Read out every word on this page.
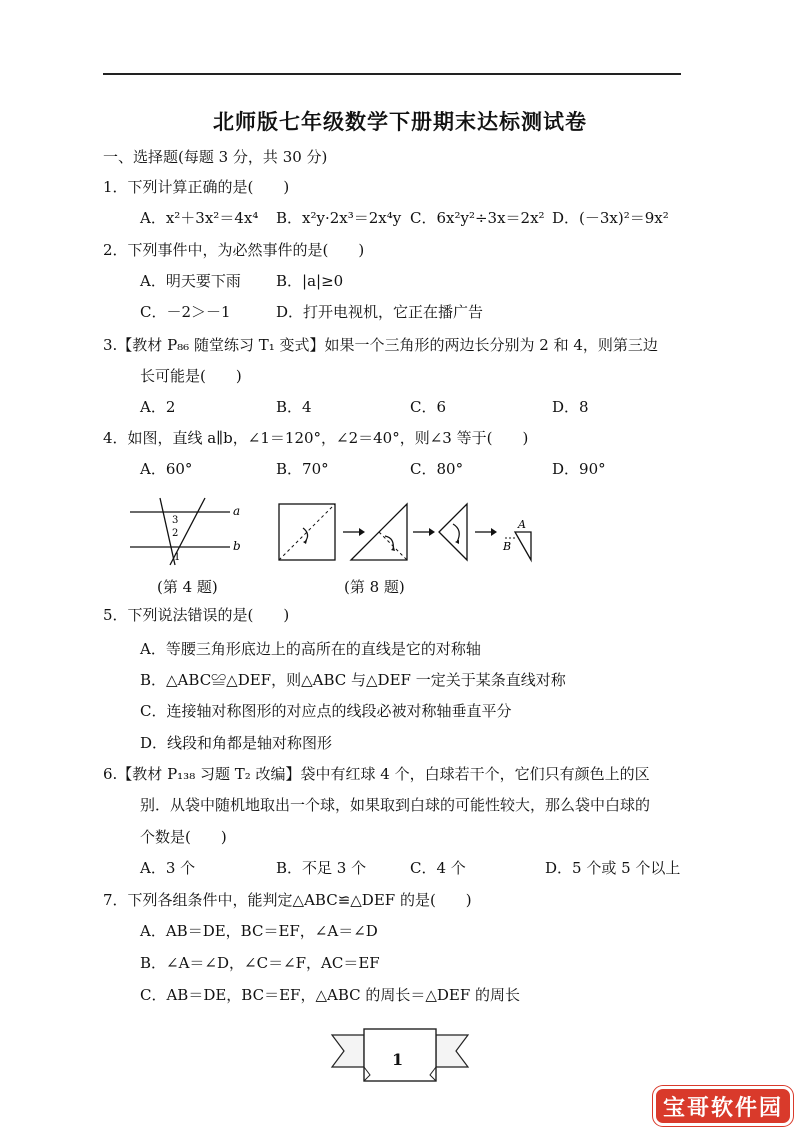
北师版七年级数学下册期末达标测试卷
一、选择题(每题 3 分，共 30 分)
1．下列计算正确的是(　　)
A．x²＋3x²＝4x⁴ B．x²y·2x³＝2x⁴y C．6x²y²÷3x＝2x² D．(－3x)²＝9x²
2．下列事件中，为必然事件的是(　　)
A．明天要下雨 B．|a|≥0
C．－2＞－1	D．打开电视机，它正在播广告
3.【教材 P₈₆ 随堂练习 T₁ 变式】如果一个三角形的两边长分别为 2 和 4，则第三边
长可能是(　　)
A．2	B．4	C．6	D．8
4．如图，直线 a∥b，∠1＝120°，∠2＝40°，则∠3 等于(　　)
A．60°	B．70°	C．80°	D．90°
a
b
3
2
1
(第 4 题)
A
B
(第 8 题)
5．下列说法错误的是(　　)
A．等腰三角形底边上的高所在的直线是它的对称轴
B．△ABC≌△DEF，则△ABC 与△DEF 一定关于某条直线对称
C．连接轴对称图形的对应点的线段必被对称轴垂直平分
D．线段和角都是轴对称图形
6.【教材 P₁₃₈ 习题 T₂ 改编】袋中有红球 4 个，白球若干个，它们只有颜色上的区
别．从袋中随机地取出一个球，如果取到白球的可能性较大，那么袋中白球的
个数是(　　)
A．3 个	B．不足 3 个	C．4 个	D．5 个或 5 个以上
7．下列各组条件中，能判定△ABC≌△DEF 的是(　　)
A．AB＝DE，BC＝EF，∠A＝∠D
B．∠A＝∠D，∠C＝∠F，AC＝EF
C．AB＝DE，BC＝EF，△ABC 的周长＝△DEF 的周长
1
宝哥软件园
